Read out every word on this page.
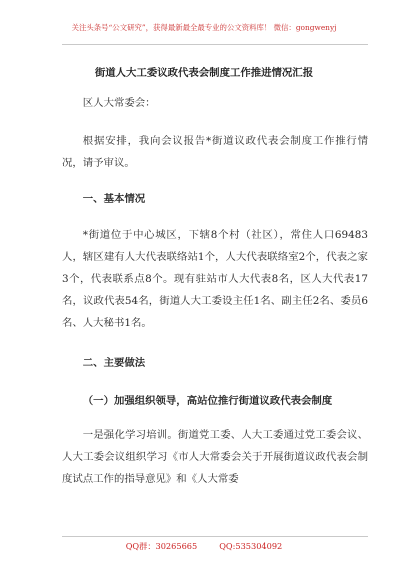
关注头条号“公文研究”，获得最新最全最专业的公文资料库！ 微信：gongwenyj
街道人大工委议政代表会制度工作推进情况汇报

区人大常委会：

根据安排，我向会议报告*街道议政代表会制度工作推行情况，请予审议。

一、基本情况

*街道位于中心城区，下辖8个村（社区），常住人口69483人，辖区建有人大代表联络站1个，人大代表联络室2个，代表之家3个，代表联系点8个。现有驻站市人大代表8名，区人大代表17名，议政代表54名，街道人大工委设主任1名、副主任2名、委员6名、人大秘书1名。

二、主要做法

（一）加强组织领导，高站位推行街道议政代表会制度

一是强化学习培训。街道党工委、人大工委通过党工委会议、人大工委会议组织学习《市人大常委会关于开展街道议政代表会制度试点工作的指导意见》和《人大常委

QQ群：30265665	QQ:535304092
